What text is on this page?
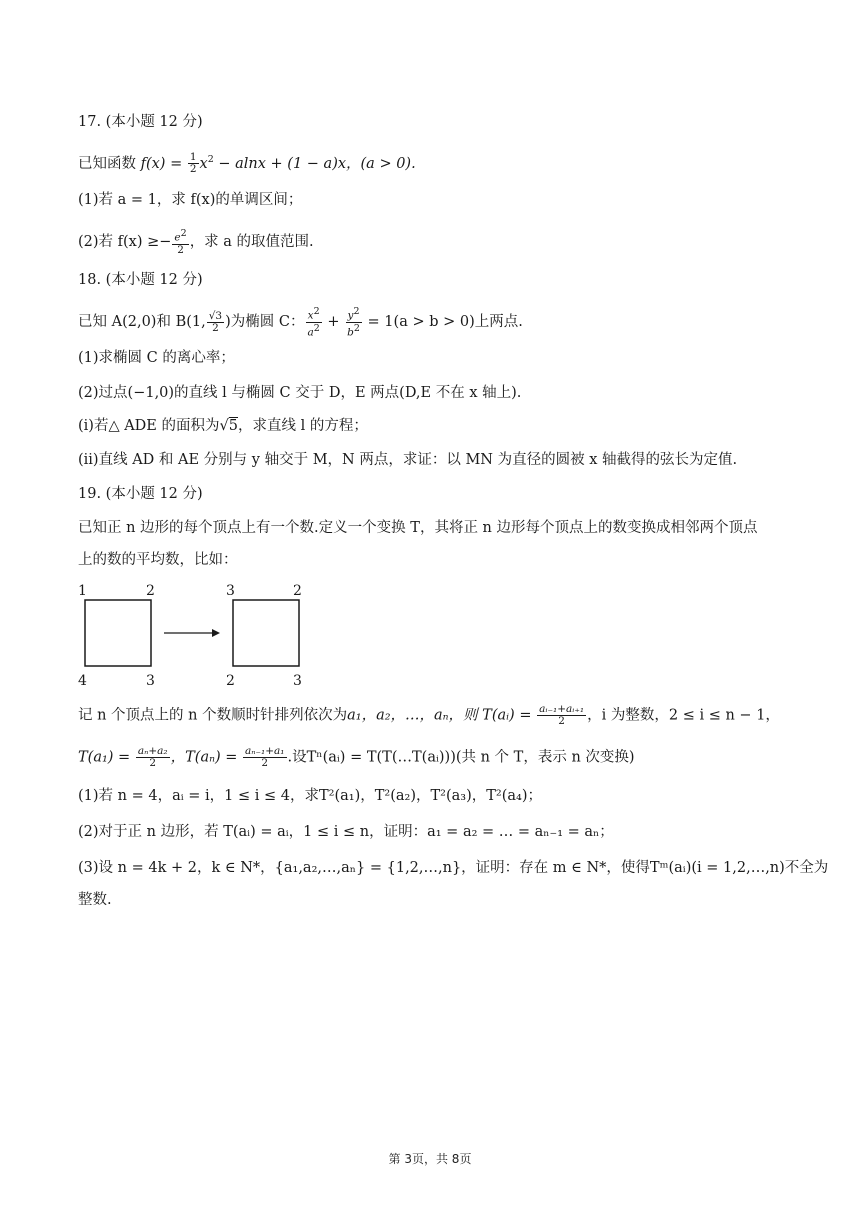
17. (本小题 12 分)
已知函数 $f(x) = \frac{1}{2} x^2 - alnx + (1 - a)x$，(a > 0).
(1)若 a = 1，求 f(x)的单调区间；
(2)若 $f(x) \ge- \frac{e^2}{2}$ ，求 a 的取值范围.
18. (本小题 12 分)
已知 A(2,0)和 B(1, $\frac{√3}{2}$ )为椭圆 C： $\frac{x^2}{a^2} + \frac{y^2}{b^2} = 1(a > b > 0)$上两点.
(1)求椭圆 C 的离心率；
(2)过点(−1,0)的直线 l 与椭圆 C 交于 D，E 两点(D,E 不在 x 轴上).
(i)若△ ADE 的面积为√5，求直线 l 的方程；
(ii)直线 AD 和 AE 分别与 y 轴交于 M，N 两点，求证：以 MN 为直径的圆被 x 轴截得的弦长为定值.
19. (本小题 12 分)
已知正 n 边形的每个顶点上有一个数.定义一个变换 T，其将正 n 边形每个顶点上的数变换成相邻两个顶点
上的数的平均数，比如：
1	2
4	3
3	2
2	3
记 n 个顶点上的 n 个数顺时针排列依次为a₁，a₂，…，aₙ，则 T(aᵢ) = $\frac{\text{aᵢ₋₁+aᵢ₊₁}}{2}$ ，i 为整数，2 ≤ i ≤ n − 1，
$T(a_1) = \frac{\text{aₙ+a₂}}{2}$ ，$T(a_n) = \frac{\text{aₙ₋₁+a₁}}{2}$ .设Tⁿ(aᵢ) = T(T(…T(aᵢ)))(共 n 个 T，表示 n 次变换)
(1)若 n = 4，aᵢ = i，1 ≤ i ≤ 4，求T²(a₁)，T²(a₂)，T²(a₃)，T²(a₄)；
(2)对于正 n 边形，若 T(aᵢ) = aᵢ，1 ≤ i ≤ n，证明：a₁ = a₂ = … = aₙ₋₁ = aₙ；
(3)设 n = 4k + 2，k ∈ N*，{a₁,a₂,…,aₙ} = {1,2,…,n}，证明：存在 m ∈ N*，使得Tᵐ(aᵢ)(i = 1,2,…,n)不全为
整数.
第 3页，共 8页
